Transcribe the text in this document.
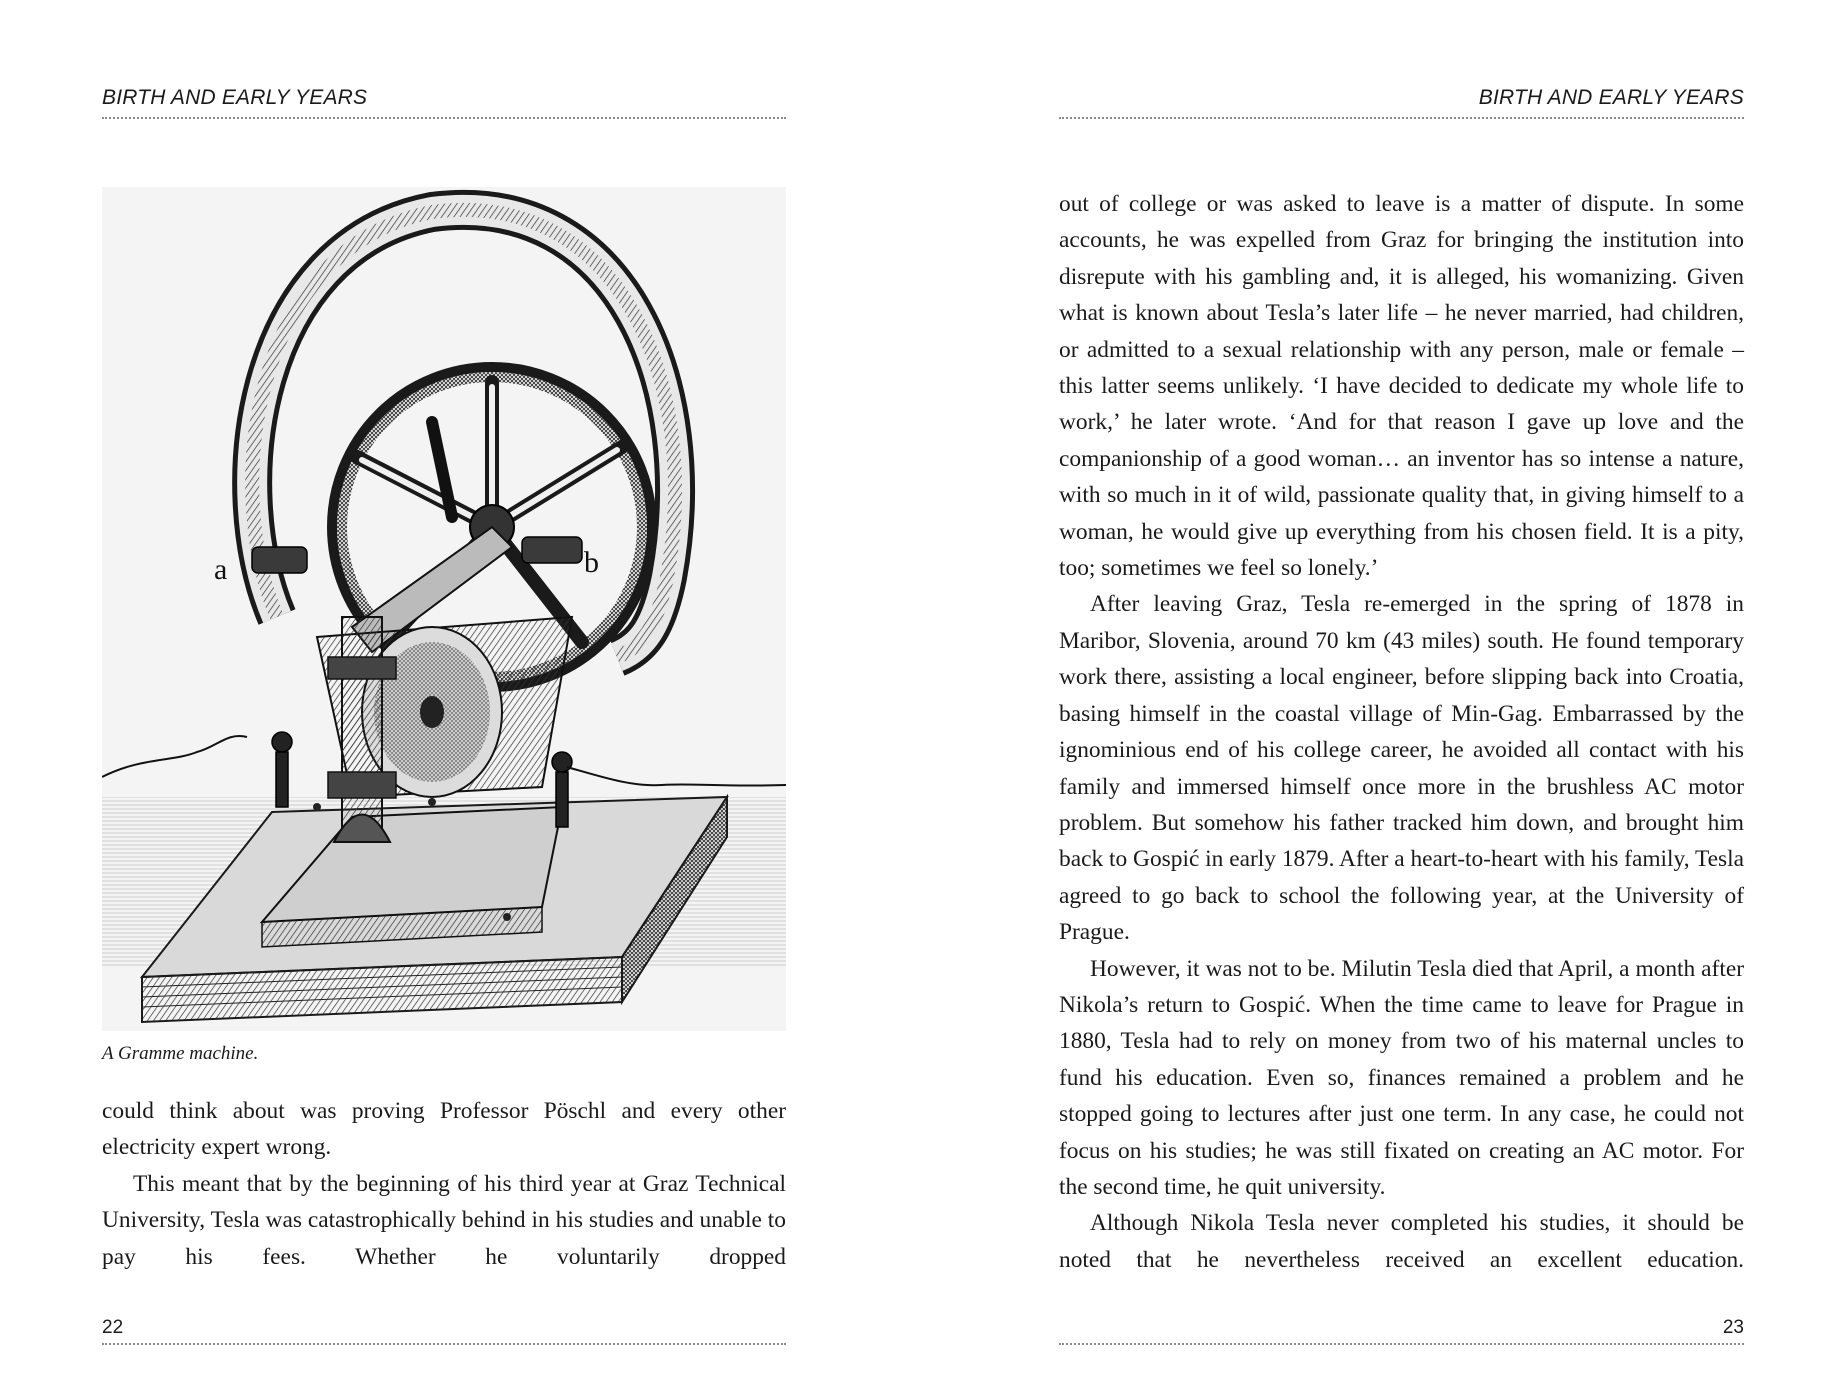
BIRTH AND EARLY YEARS
a	b
A Gramme machine.

could think about was proving Professor Pöschl and every other electricity expert wrong.

This meant that by the beginning of his third year at Graz Technical University, Tesla was catastrophically behind in his studies and unable to pay his fees. Whether he voluntarily dropped

22
BIRTH AND EARLY YEARS

out of college or was asked to leave is a matter of dispute. In some accounts, he was expelled from Graz for bringing the institution into disrepute with his gambling and, it is alleged, his womanizing. Given what is known about Tesla’s later life – he never married, had children, or admitted to a sexual relationship with any person, male or female – this latter seems unlikely. ‘I have decided to dedicate my whole life to work,’ he later wrote. ‘And for that reason I gave up love and the companionship of a good woman… an inventor has so intense a nature, with so much in it of wild, passionate quality that, in giving himself to a woman, he would give up everything from his chosen field. It is a pity, too; sometimes we feel so lonely.’

After leaving Graz, Tesla re-emerged in the spring of 1878 in Maribor, Slovenia, around 70 km (43 miles) south. He found temporary work there, assisting a local engineer, before slipping back into Croatia, basing himself in the coastal village of Min-Gag. Embarrassed by the ignominious end of his college career, he avoided all contact with his family and immersed himself once more in the brushless AC motor problem. But somehow his father tracked him down, and brought him back to Gospić in early 1879. After a heart-to-heart with his family, Tesla agreed to go back to school the following year, at the University of Prague.

However, it was not to be. Milutin Tesla died that April, a month after Nikola’s return to Gospić. When the time came to leave for Prague in 1880, Tesla had to rely on money from two of his maternal uncles to fund his education. Even so, finances remained a problem and he stopped going to lectures after just one term. In any case, he could not focus on his studies; he was still fixated on creating an AC motor. For the second time, he quit university.

Although Nikola Tesla never completed his studies, it should be noted that he nevertheless received an excellent education.

23
